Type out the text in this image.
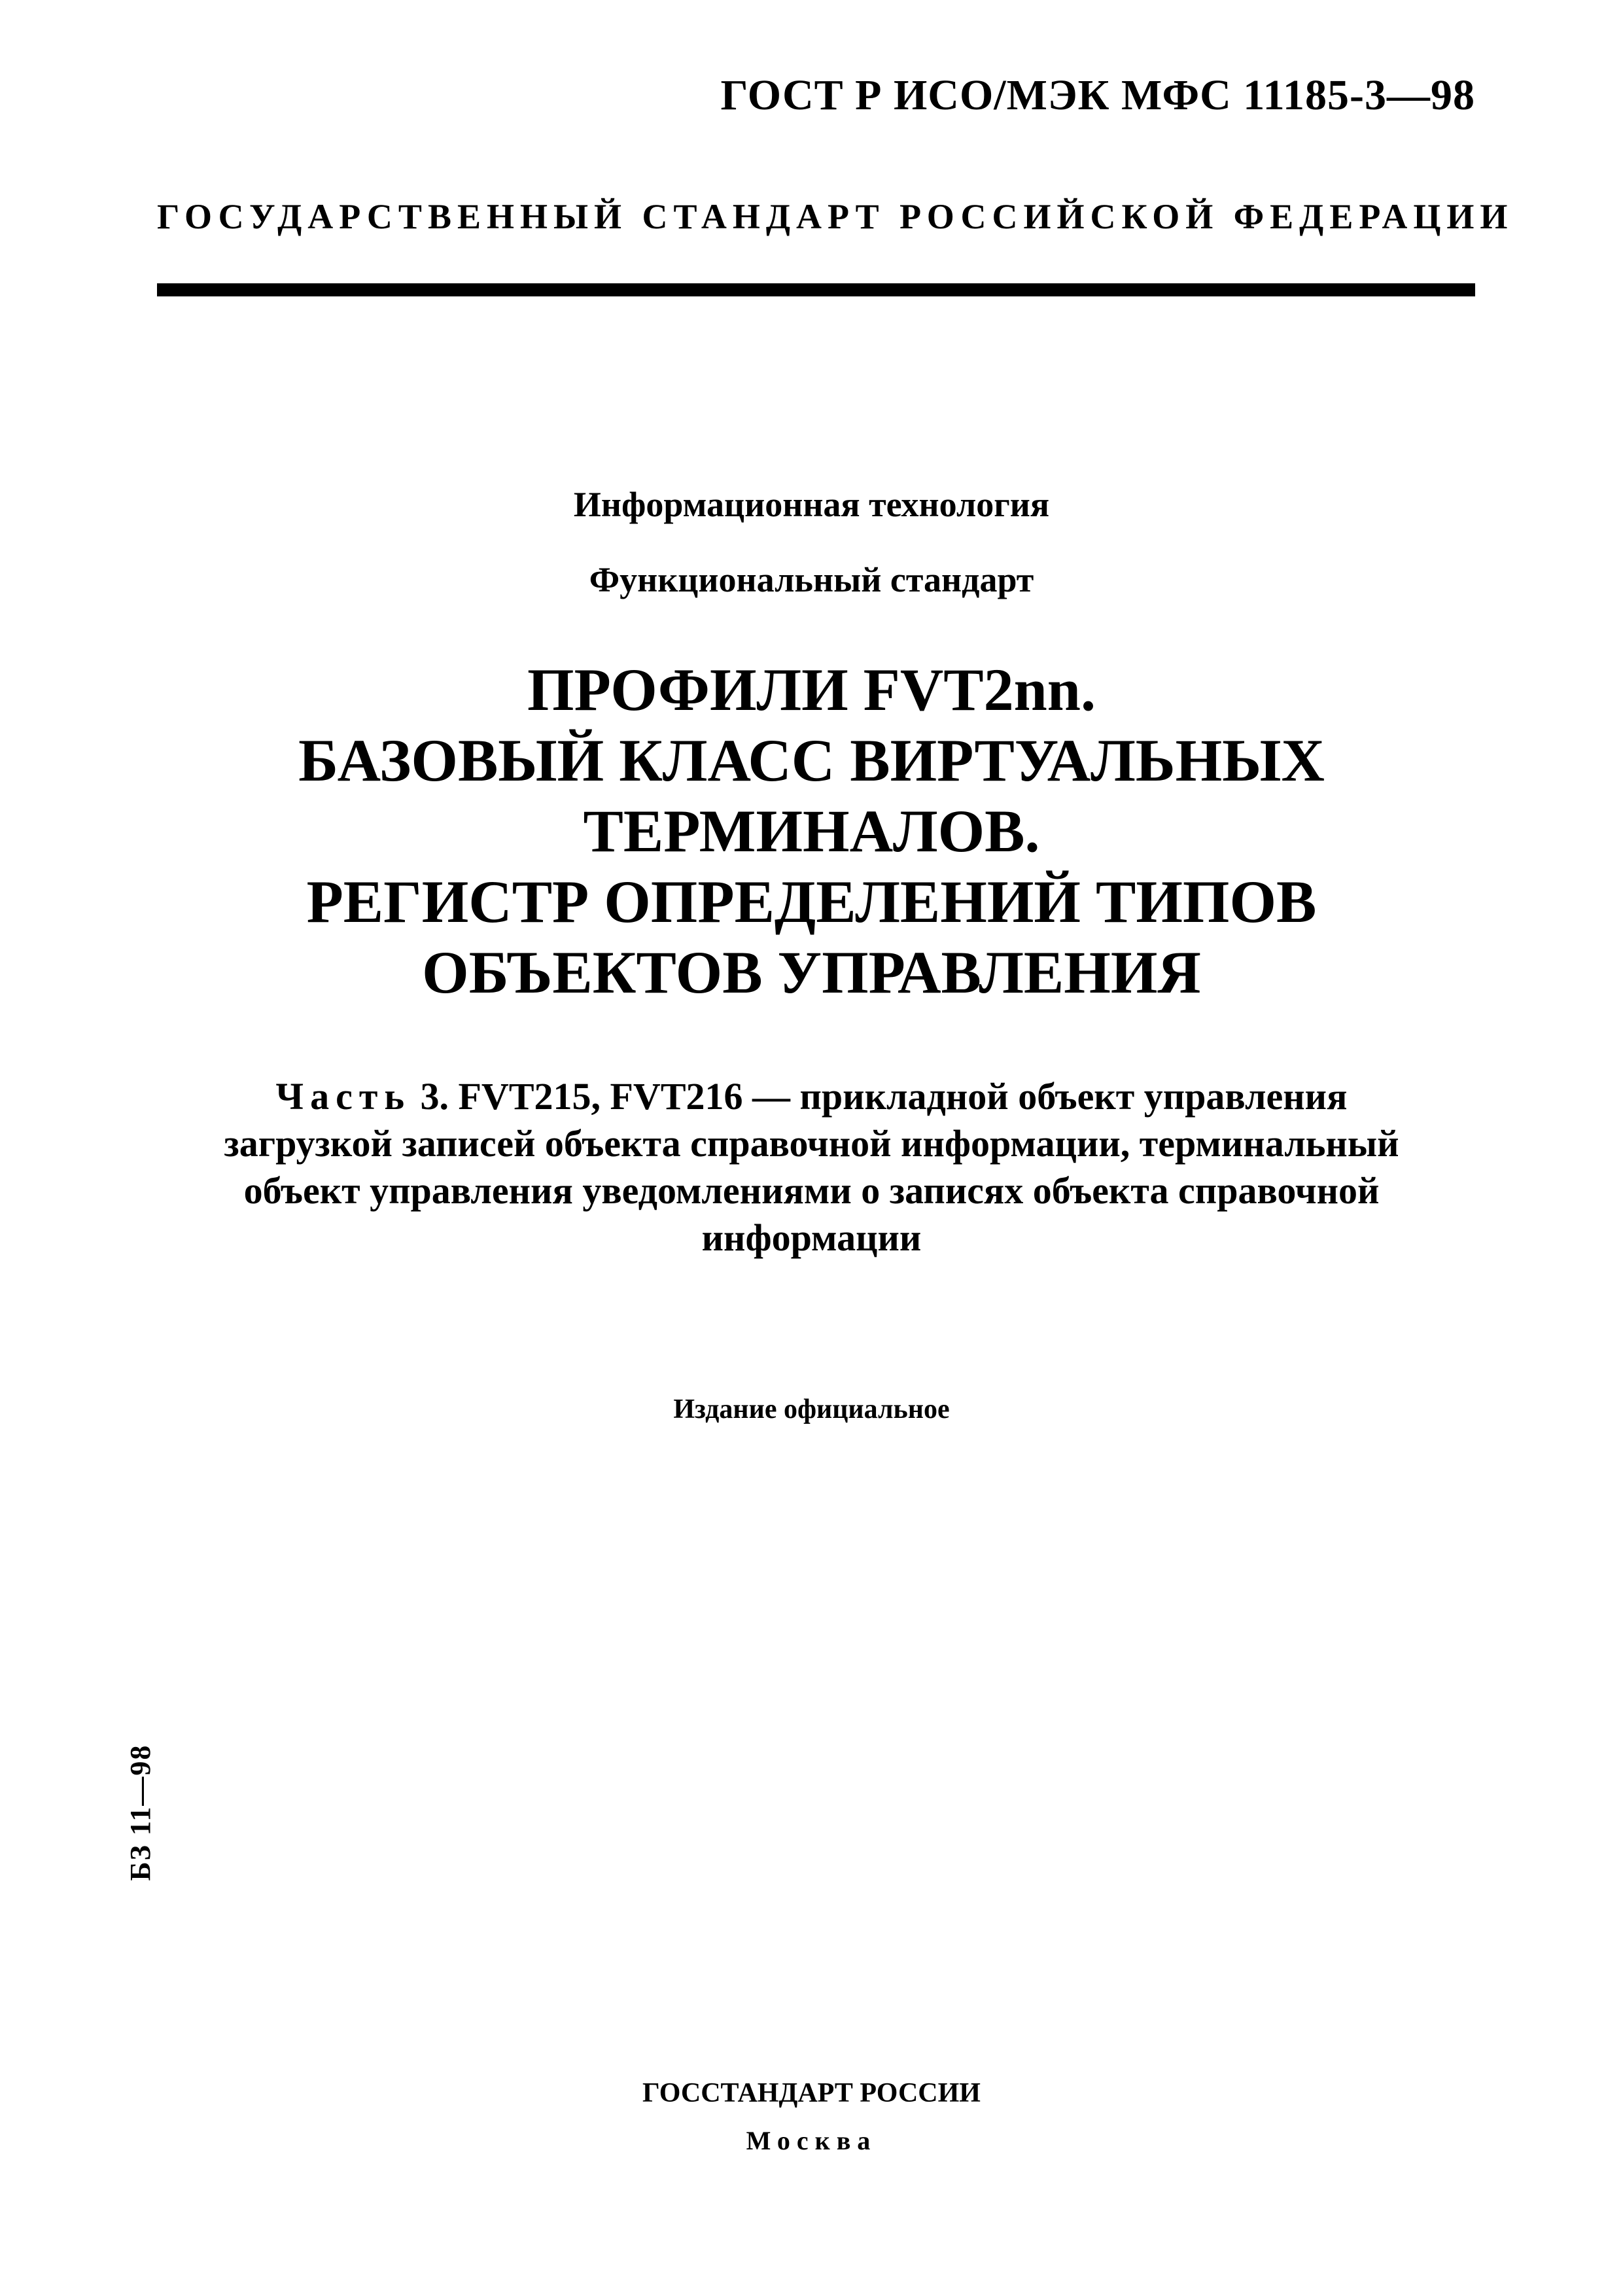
ГОСТ Р ИСО/МЭК МФС 11185-3—98
ГОСУДАРСТВЕННЫЙ СТАНДАРТ РОССИЙСКОЙ ФЕДЕРАЦИИ
Информационная технология
Функциональный стандарт
ПРОФИЛИ FVT2nn.
БАЗОВЫЙ КЛАСС ВИРТУАЛЬНЫХ
ТЕРМИНАЛОВ.
РЕГИСТР ОПРЕДЕЛЕНИЙ ТИПОВ
ОБЪЕКТОВ УПРАВЛЕНИЯ
Часть 3. FVT215, FVT216 — прикладной объект управления
загрузкой записей объекта справочной информации, терминальный
объект управления уведомлениями о записях объекта справочной
информации
Издание официальное
БЗ 11—98
ГОССТАНДАРТ РОССИИ
Москва
